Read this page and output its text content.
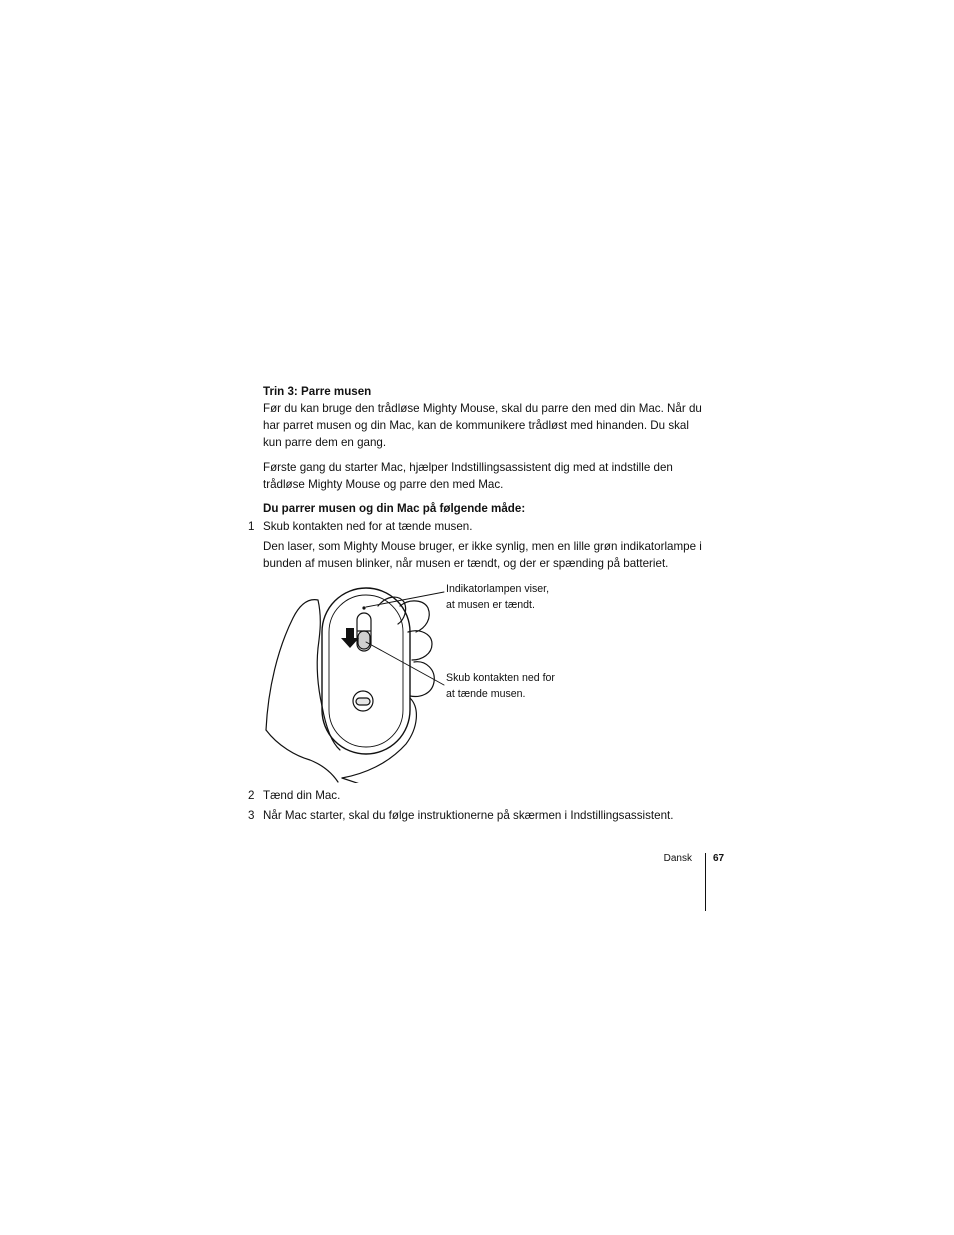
Trin 3: Parre musen
Før du kan bruge den trådløse Mighty Mouse, skal du parre den med din Mac. Når du
har parret musen og din Mac, kan de kommunikere trådløst med hinanden. Du skal
kun parre dem en gang.
Første gang du starter Mac, hjælper Indstillingsassistent dig med at indstille den
trådløse Mighty Mouse og parre den med Mac.
Du parrer musen og din Mac på følgende måde:
1 Skub kontakten ned for at tænde musen.
Den laser, som Mighty Mouse bruger, er ikke synlig, men en lille grøn indikatorlampe i
bunden af musen blinker, når musen er tændt, og der er spænding på batteriet.
Indikatorlampen viser,
at musen er tændt.
Skub kontakten ned for
at tænde musen.
2 Tænd din Mac.
3 Når Mac starter, skal du følge instruktionerne på skærmen i Indstillingsassistent.
Dansk 67
